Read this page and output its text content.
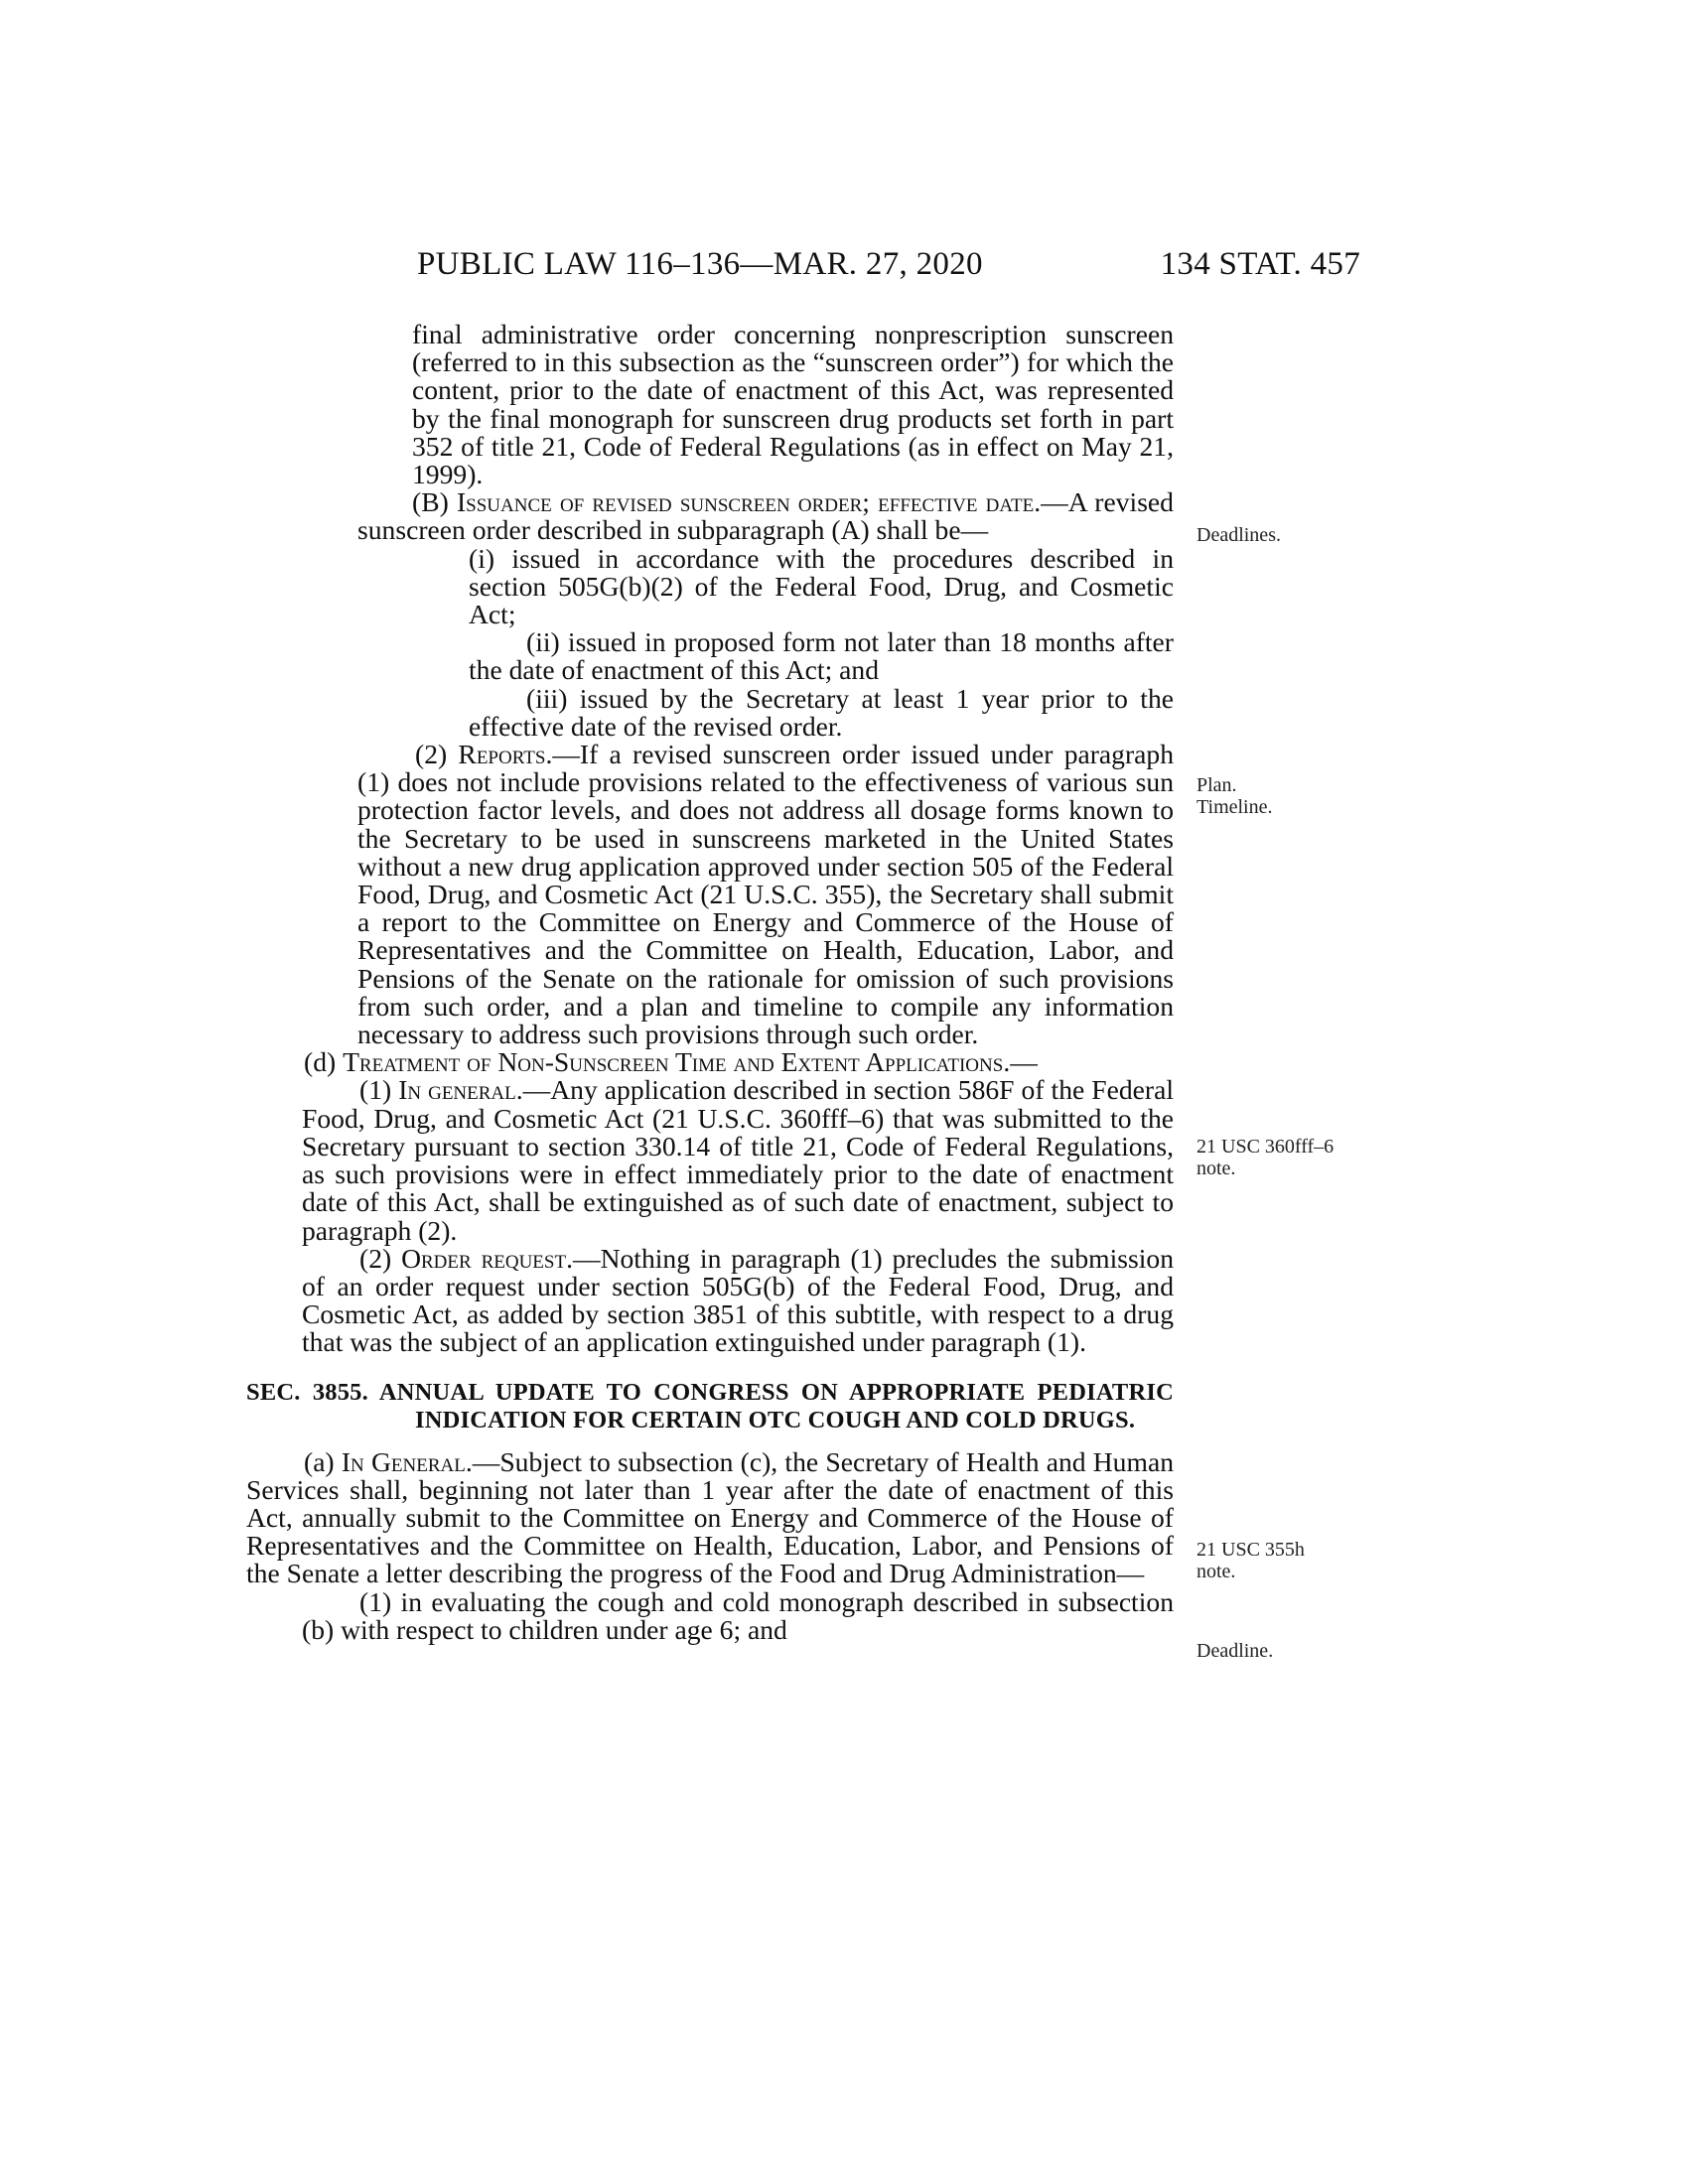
PUBLIC LAW 116–136—MAR. 27, 2020	134 STAT. 457

final administrative order concerning nonprescription sunscreen (referred to in this subsection as the “sunscreen order”) for which the content, prior to the date of enactment of this Act, was represented by the final monograph for sunscreen drug products set forth in part 352 of title 21, Code of Federal Regulations (as in effect on May 21, 1999).

(B) Issuance of revised sunscreen order; effective date.—A revised sunscreen order described in subparagraph (A) shall be—

(i) issued in accordance with the procedures described in section 505G(b)(2) of the Federal Food, Drug, and Cosmetic Act;

(ii) issued in proposed form not later than 18 months after the date of enactment of this Act; and

(iii) issued by the Secretary at least 1 year prior to the effective date of the revised order.

(2) Reports.—If a revised sunscreen order issued under paragraph (1) does not include provisions related to the effectiveness of various sun protection factor levels, and does not address all dosage forms known to the Secretary to be used in sunscreens marketed in the United States without a new drug application approved under section 505 of the Federal Food, Drug, and Cosmetic Act (21 U.S.C. 355), the Secretary shall submit a report to the Committee on Energy and Commerce of the House of Representatives and the Committee on Health, Education, Labor, and Pensions of the Senate on the rationale for omission of such provisions from such order, and a plan and timeline to compile any information necessary to address such provisions through such order.

(d) Treatment of Non-Sunscreen Time and Extent Applications.—

(1) In general.—Any application described in section 586F of the Federal Food, Drug, and Cosmetic Act (21 U.S.C. 360fff–6) that was submitted to the Secretary pursuant to section 330.14 of title 21, Code of Federal Regulations, as such provisions were in effect immediately prior to the date of enactment date of this Act, shall be extinguished as of such date of enactment, subject to paragraph (2).

(2) Order request.—Nothing in paragraph (1) precludes the submission of an order request under section 505G(b) of the Federal Food, Drug, and Cosmetic Act, as added by section 3851 of this subtitle, with respect to a drug that was the subject of an application extinguished under paragraph (1).

SEC. 3855. ANNUAL UPDATE TO CONGRESS ON APPROPRIATE PEDIATRIC INDICATION FOR CERTAIN OTC COUGH AND COLD DRUGS.

(a) In General.—Subject to subsection (c), the Secretary of Health and Human Services shall, beginning not later than 1 year after the date of enactment of this Act, annually submit to the Committee on Energy and Commerce of the House of Representatives and the Committee on Health, Education, Labor, and Pensions of the Senate a letter describing the progress of the Food and Drug Administration—

(1) in evaluating the cough and cold monograph described in subsection (b) with respect to children under age 6; and

Deadlines.
Plan.
Timeline.
21 USC 360fff–6
note.
21 USC 355h
note.
Deadline.
